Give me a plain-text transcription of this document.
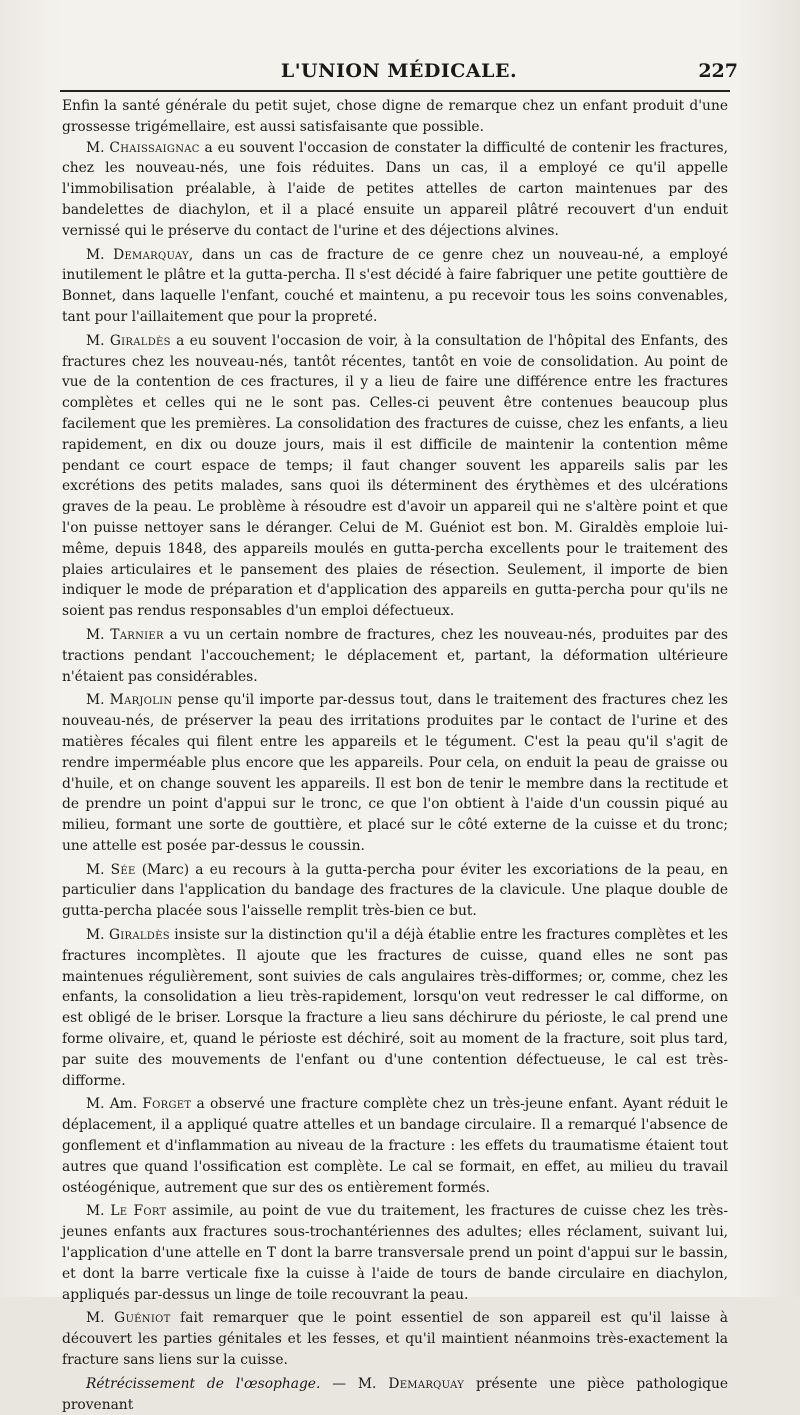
L'UNION MÉDICALE.	227

Enfin la santé générale du petit sujet, chose digne de remarque chez un enfant produit d'une grossesse trigémellaire, est aussi satisfaisante que possible.

M. Chaissaignac a eu souvent l'occasion de constater la difficulté de contenir les fractures, chez les nouveau-nés, une fois réduites. Dans un cas, il a employé ce qu'il appelle l'immobilisation préalable, à l'aide de petites attelles de carton maintenues par des bandelettes de diachylon, et il a placé ensuite un appareil plâtré recouvert d'un enduit vernissé qui le préserve du contact de l'urine et des déjections alvines.

M. Demarquay, dans un cas de fracture de ce genre chez un nouveau-né, a employé inutilement le plâtre et la gutta-percha. Il s'est décidé à faire fabriquer une petite gouttière de Bonnet, dans laquelle l'enfant, couché et maintenu, a pu recevoir tous les soins convenables, tant pour l'aillaitement que pour la propreté.

M. Giraldès a eu souvent l'occasion de voir, à la consultation de l'hôpital des Enfants, des fractures chez les nouveau-nés, tantôt récentes, tantôt en voie de consolidation. Au point de vue de la contention de ces fractures, il y a lieu de faire une différence entre les fractures complètes et celles qui ne le sont pas. Celles-ci peuvent être contenues beaucoup plus facilement que les premières. La consolidation des fractures de cuisse, chez les enfants, a lieu rapidement, en dix ou douze jours, mais il est difficile de maintenir la contention même pendant ce court espace de temps; il faut changer souvent les appareils salis par les excrétions des petits malades, sans quoi ils déterminent des érythèmes et des ulcérations graves de la peau. Le problème à résoudre est d'avoir un appareil qui ne s'altère point et que l'on puisse nettoyer sans le déranger. Celui de M. Guéniot est bon. M. Giraldès emploie lui-même, depuis 1848, des appareils moulés en gutta-percha excellents pour le traitement des plaies articulaires et le pansement des plaies de résection. Seulement, il importe de bien indiquer le mode de préparation et d'application des appareils en gutta-percha pour qu'ils ne soient pas rendus responsables d'un emploi défectueux.

M. Tarnier a vu un certain nombre de fractures, chez les nouveau-nés, produites par des tractions pendant l'accouchement; le déplacement et, partant, la déformation ultérieure n'étaient pas considérables.

M. Marjolin pense qu'il importe par-dessus tout, dans le traitement des fractures chez les nouveau-nés, de préserver la peau des irritations produites par le contact de l'urine et des matières fécales qui filent entre les appareils et le tégument. C'est la peau qu'il s'agit de rendre imperméable plus encore que les appareils. Pour cela, on enduit la peau de graisse ou d'huile, et on change souvent les appareils. Il est bon de tenir le membre dans la rectitude et de prendre un point d'appui sur le tronc, ce que l'on obtient à l'aide d'un coussin piqué au milieu, formant une sorte de gouttière, et placé sur le côté externe de la cuisse et du tronc; une attelle est posée par-dessus le coussin.

M. Sée (Marc) a eu recours à la gutta-percha pour éviter les excoriations de la peau, en particulier dans l'application du bandage des fractures de la clavicule. Une plaque double de gutta-percha placée sous l'aisselle remplit très-bien ce but.

M. Giraldès insiste sur la distinction qu'il a déjà établie entre les fractures complètes et les fractures incomplètes. Il ajoute que les fractures de cuisse, quand elles ne sont pas maintenues régulièrement, sont suivies de cals angulaires très-difformes; or, comme, chez les enfants, la consolidation a lieu très-rapidement, lorsqu'on veut redresser le cal difforme, on est obligé de le briser. Lorsque la fracture a lieu sans déchirure du périoste, le cal prend une forme olivaire, et, quand le périoste est déchiré, soit au moment de la fracture, soit plus tard, par suite des mouvements de l'enfant ou d'une contention défectueuse, le cal est très-difforme.

M. Am. Forget a observé une fracture complète chez un très-jeune enfant. Ayant réduit le déplacement, il a appliqué quatre attelles et un bandage circulaire. Il a remarqué l'absence de gonflement et d'inflammation au niveau de la fracture : les effets du traumatisme étaient tout autres que quand l'ossification est complète. Le cal se formait, en effet, au milieu du travail ostéogénique, autrement que sur des os entièrement formés.

M. Le Fort assimile, au point de vue du traitement, les fractures de cuisse chez les très-jeunes enfants aux fractures sous-trochantériennes des adultes; elles réclament, suivant lui, l'application d'une attelle en T dont la barre transversale prend un point d'appui sur le bassin, et dont la barre verticale fixe la cuisse à l'aide de tours de bande circulaire en diachylon, appliqués par-dessus un linge de toile recouvrant la peau.

M. Guéniot fait remarquer que le point essentiel de son appareil est qu'il laisse à découvert les parties génitales et les fesses, et qu'il maintient néanmoins très-exactement la fracture sans liens sur la cuisse.

Rétrécissement de l'œsophage. — M. Demarquay présente une pièce pathologique provenant
